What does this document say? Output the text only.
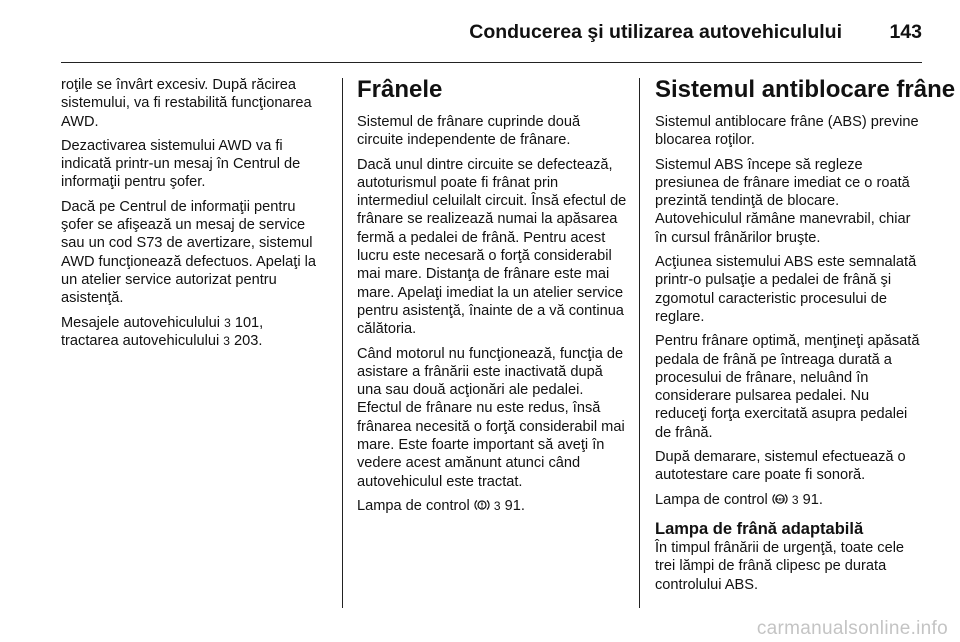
Conducerea şi utilizarea autovehiculului 143

roţile se învârt excesiv. După răcirea sistemului, va fi restabilită funcţionarea AWD.

Dezactivarea sistemului AWD va fi indicată printr-un mesaj în Centrul de informaţii pentru şofer.

Dacă pe Centrul de informaţii pentru şofer se afişează un mesaj de service sau un cod S73 de avertizare, sistemul AWD funcţionează defectuos. Apelaţi la un atelier service autorizat pentru asistenţă.

Mesajele autovehiculului 3 101,
tractarea autovehiculului 3 203.

Frânele

Sistemul de frânare cuprinde două circuite independente de frânare.

Dacă unul dintre circuite se defectează, autoturismul poate fi frânat prin intermediul celuilalt circuit. Însă efectul de frânare se realizează numai la apăsarea fermă a pedalei de frână. Pentru acest lucru este necesară o forţă considerabil mai mare. Distanţa de frânare este mai mare. Apelaţi imediat la un atelier service pentru asistenţă, înainte de a vă continua călătoria.

Când motorul nu funcţionează, funcţia de asistare a frânării este inactivată după una sau două acţionări ale pedalei. Efectul de frânare nu este redus, însă frânarea necesită o forţă considerabil mai mare. Este foarte important să aveţi în vedere acest amănunt atunci când autovehiculul este tractat.

Lampa de control 3 91.

Sistemul antiblocare frâne

Sistemul antiblocare frâne (ABS) previne blocarea roţilor.

Sistemul ABS începe să regleze presiunea de frânare imediat ce o roată prezintă tendinţă de blocare. Autovehiculul rămâne manevrabil, chiar în cursul frânărilor bruşte.

Acţiunea sistemului ABS este semnalată printr-o pulsaţie a pedalei de frână şi zgomotul caracteristic procesului de reglare.

Pentru frânare optimă, menţineţi apăsată pedala de frână pe întreaga durată a procesului de frânare, neluând în considerare pulsarea pedalei. Nu reduceţi forţa exercitată asupra pedalei de frână.

După demarare, sistemul efectuează o autotestare care poate fi sonoră.

Lampa de control ABS 3 91.

Lampa de frână adaptabilă

În timpul frânării de urgenţă, toate cele trei lămpi de frână clipesc pe durata controlului ABS.

carmanualsonline.info
